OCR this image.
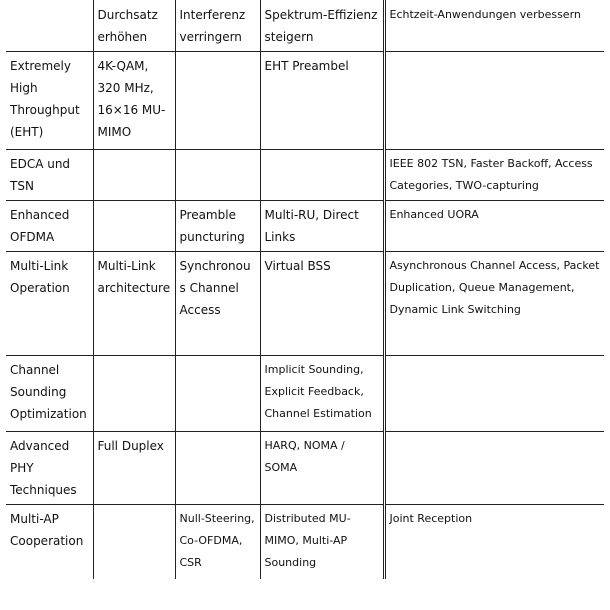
	Durchsatz erhöhen	Interferenz verringern	Spektrum-Effizienz steigern	Echtzeit-Anwendungen verbessern
Extremely High Throughput (EHT)	4K-QAM, 320 MHz, 16×16 MU-MIMO		EHT Preambel	
EDCA und TSN				IEEE 802 TSN, Faster Backoff, Access Categories, TWO-capturing
Enhanced OFDMA		Preamble puncturing	Multi-RU, Direct Links	Enhanced UORA
Multi-Link Operation	Multi-Link architecture	Synchronous Channel Access	Virtual BSS	Asynchronous Channel Access, Packet Duplication, Queue Management, Dynamic Link Switching
Channel Sounding Optimization			Implicit Sounding, Explicit Feedback, Channel Estimation	
Advanced PHY Techniques	Full Duplex		HARQ, NOMA / SOMA	
Multi-AP Cooperation		Null-Steering, Co-OFDMA, CSR	Distributed MU-MIMO, Multi-AP Sounding	Joint Reception
